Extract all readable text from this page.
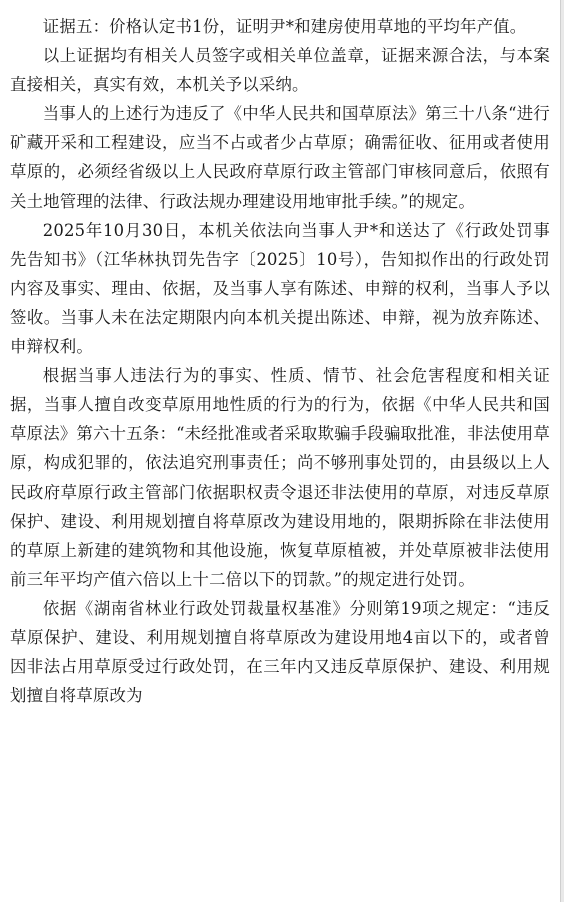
证据五：价格认定书1份，证明尹*和建房使用草地的平均年产值。

以上证据均有相关人员签字或相关单位盖章，证据来源合法，与本案直接相关，真实有效，本机关予以采纳。

当事人的上述行为违反了《中华人民共和国草原法》第三十八条“进行矿藏开采和工程建设，应当不占或者少占草原；确需征收、征用或者使用草原的，必须经省级以上人民政府草原行政主管部门审核同意后，依照有关土地管理的法律、行政法规办理建设用地审批手续。”的规定。

2025年10月30日，本机关依法向当事人尹*和送达了《行政处罚事先告知书》（江华林执罚先告字〔2025〕10号），告知拟作出的行政处罚内容及事实、理由、依据，及当事人享有陈述、申辩的权利，当事人予以签收。当事人未在法定期限内向本机关提出陈述、申辩，视为放弃陈述、申辩权利。

根据当事人违法行为的事实、性质、情节、社会危害程度和相关证据，当事人擅自改变草原用地性质的行为的行为，依据《中华人民共和国草原法》第六十五条：“未经批准或者采取欺骗手段骗取批准，非法使用草原，构成犯罪的，依法追究刑事责任；尚不够刑事处罚的，由县级以上人民政府草原行政主管部门依据职权责令退还非法使用的草原，对违反草原保护、建设、利用规划擅自将草原改为建设用地的，限期拆除在非法使用的草原上新建的建筑物和其他设施，恢复草原植被，并处草原被非法使用前三年平均产值六倍以上十二倍以下的罚款。”的规定进行处罚。

依据《湖南省林业行政处罚裁量权基准》分则第19项之规定：“违反草原保护、建设、利用规划擅自将草原改为建设用地4亩以下的，或者曾因非法占用草原受过行政处罚，在三年内又违反草原保护、建设、利用规划擅自将草原改为
